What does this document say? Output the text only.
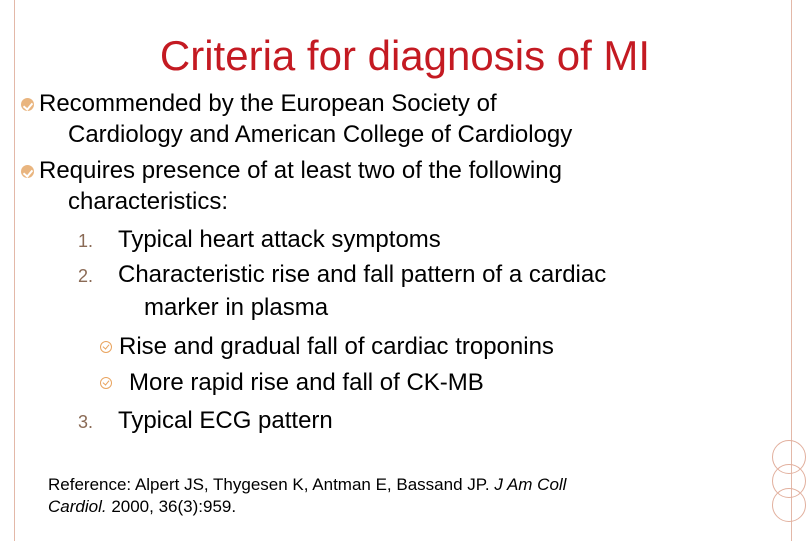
Criteria for diagnosis of MI
Recommended by the European Society of
Cardiology and American College of Cardiology
Requires presence of at least two of the following
characteristics:
1. Typical heart attack symptoms
2. Characteristic rise and fall pattern of a cardiac
marker in plasma
Rise and gradual fall of cardiac troponins
More rapid rise and fall of CK-MB
3. Typical ECG pattern
Reference: Alpert JS, Thygesen K, Antman E, Bassand JP. J Am Coll
Cardiol. 2000, 36(3):959.
